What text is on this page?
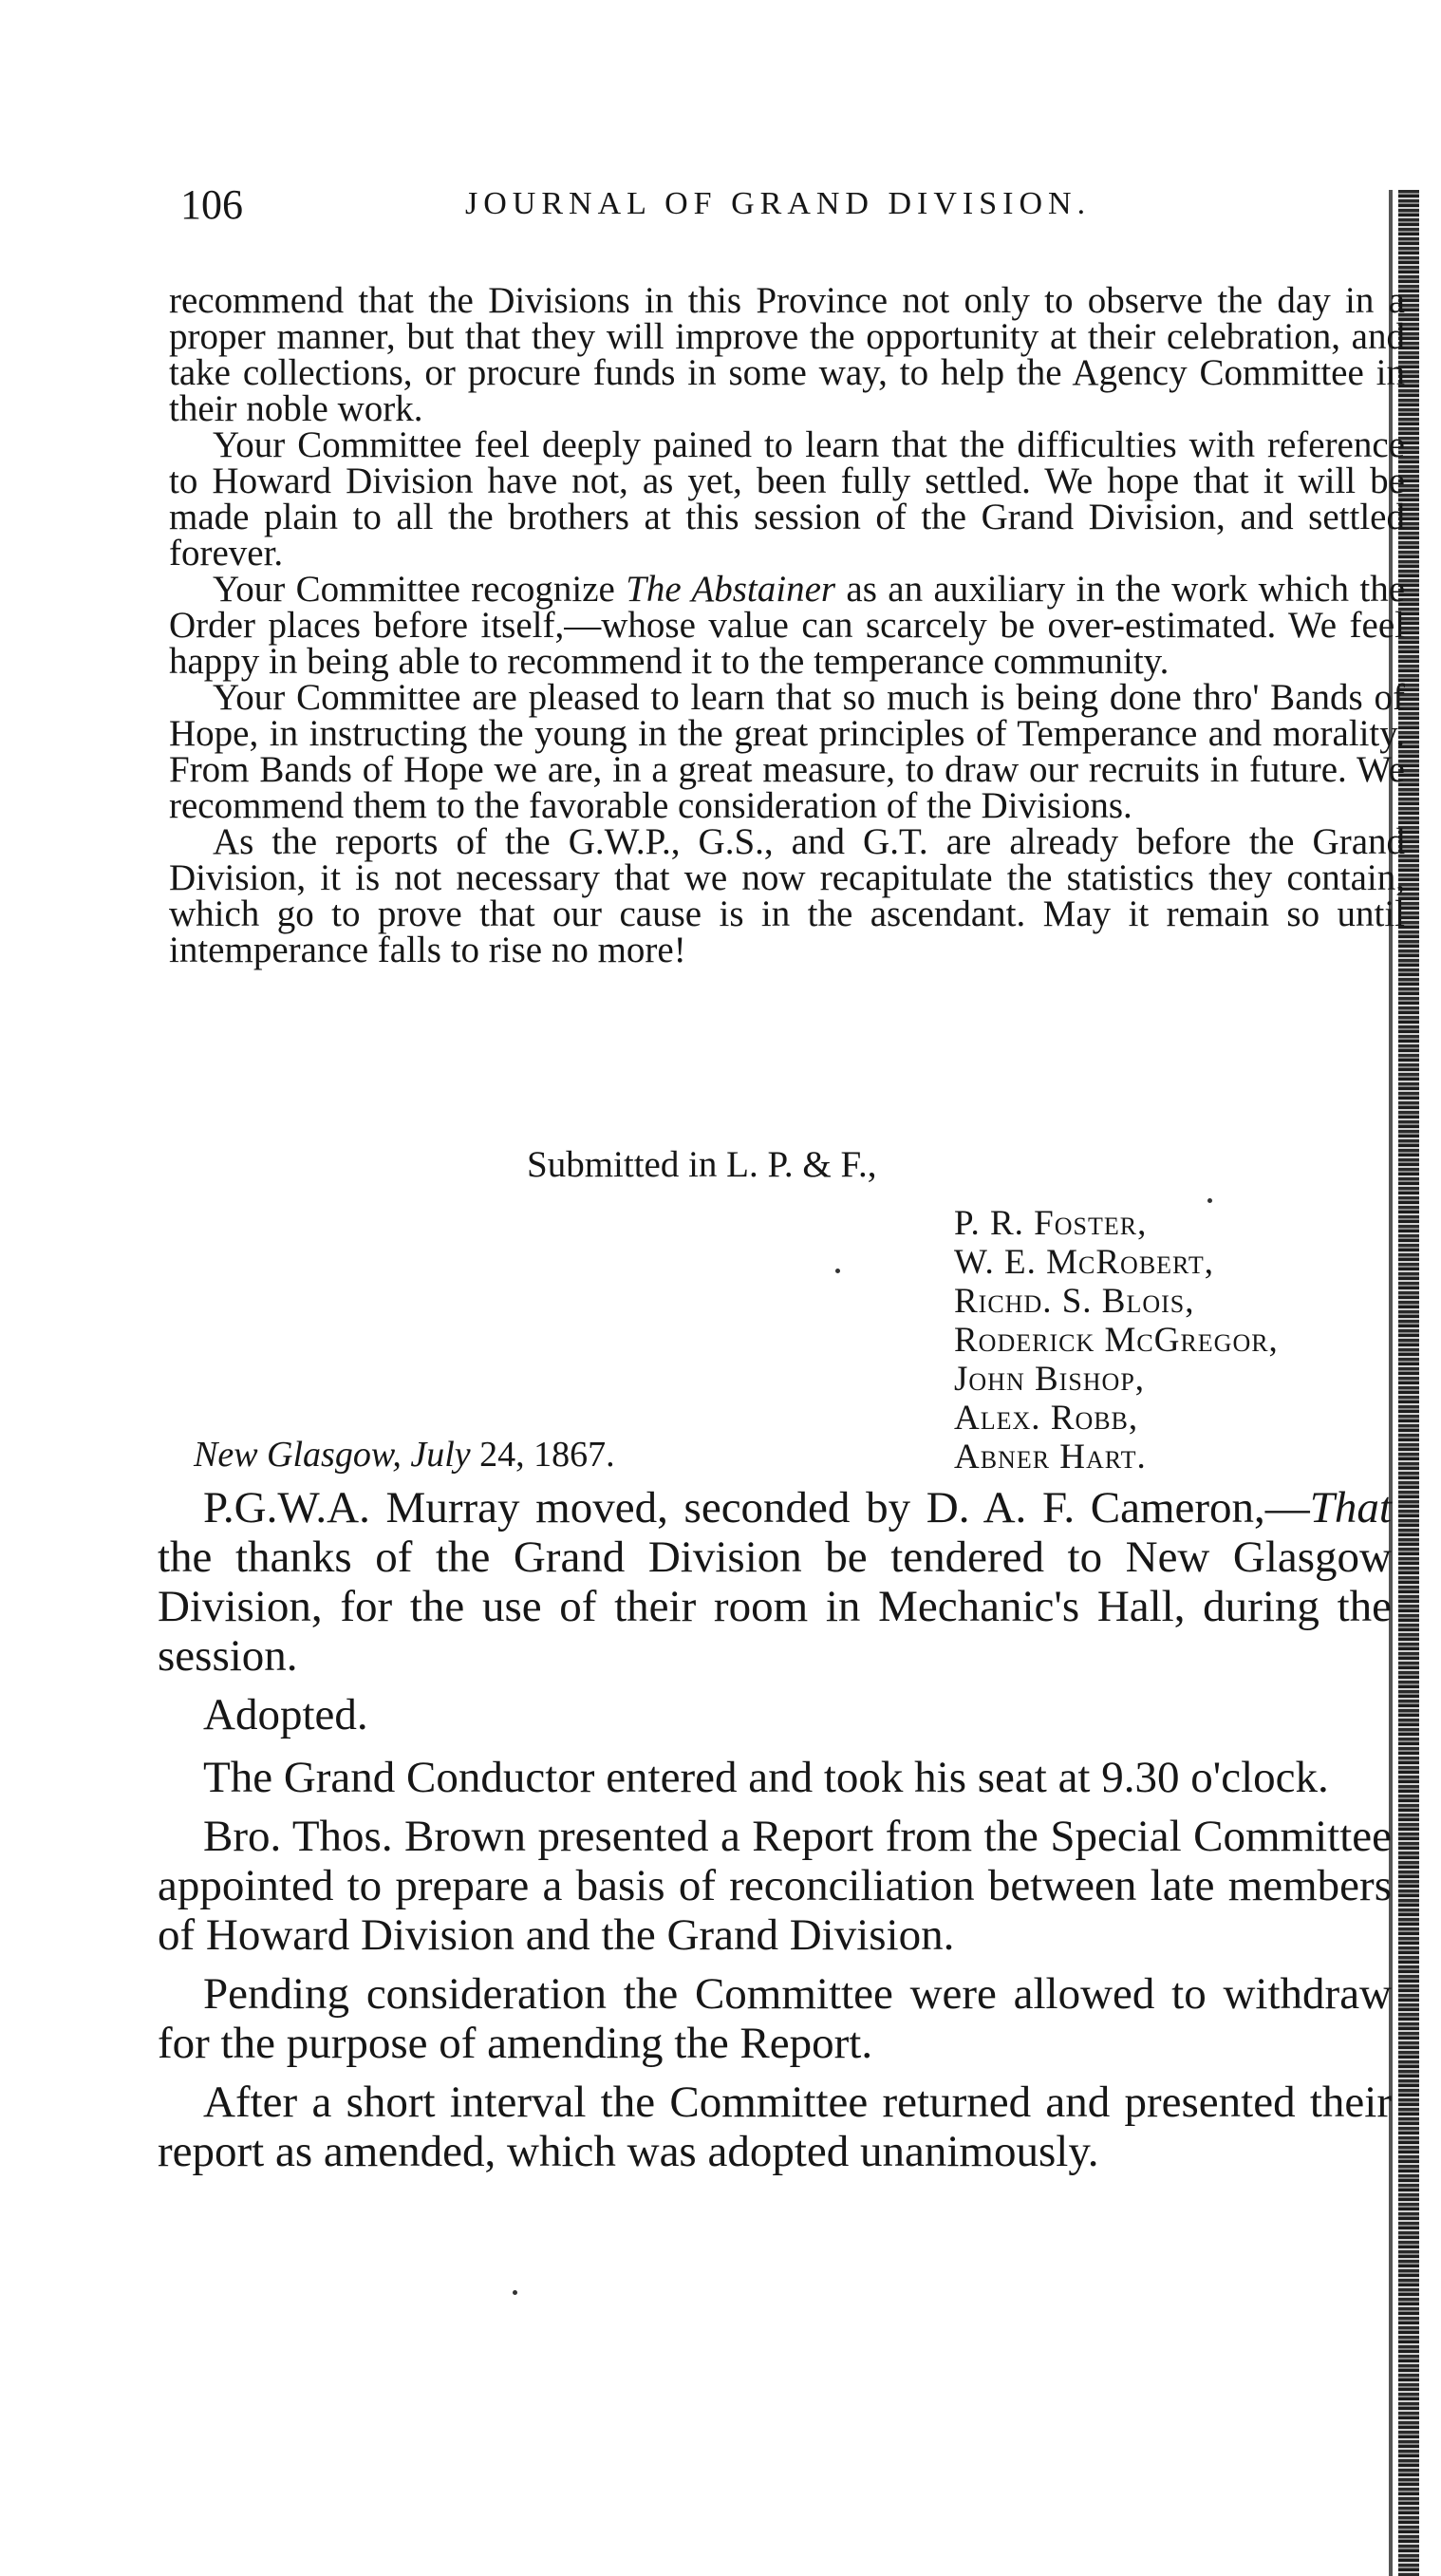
106	JOURNAL OF GRAND DIVISION.

recommend that the Divisions in this Province not only to observe the day in a proper manner, but that they will improve the opportunity at their celebration, and take collections, or procure funds in some way, to help the Agency Committee in their noble work.

Your Committee feel deeply pained to learn that the difficulties with reference to Howard Division have not, as yet, been fully settled. We hope that it will be made plain to all the brothers at this session of the Grand Division, and settled forever.

Your Committee recognize The Abstainer as an auxiliary in the work which the Order places before itself,—whose value can scarcely be over-estimated. We feel happy in being able to recommend it to the temperance community.

Your Committee are pleased to learn that so much is being done thro' Bands of Hope, in instructing the young in the great principles of Temperance and morality. From Bands of Hope we are, in a great measure, to draw our recruits in future. We recommend them to the favorable consideration of the Divisions.

As the reports of the G.W.P., G.S., and G.T. are already before the Grand Division, it is not necessary that we now recapitulate the statistics they contain, which go to prove that our cause is in the ascendant. May it remain so until intemperance falls to rise no more!

Submitted in L. P. & F.,
P. R. Foster,
W. E. McRobert,
Richd. S. Blois,
Roderick McGregor,
John Bishop,
Alex. Robb,
Abner Hart.
New Glasgow, July 24, 1867.

P.G.W.A. Murray moved, seconded by D. A. F. Cameron,—That the thanks of the Grand Division be tendered to New Glasgow Division, for the use of their room in Mechanic's Hall, during the session.

Adopted.

The Grand Conductor entered and took his seat at 9.30 o'clock.

Bro. Thos. Brown presented a Report from the Special Committee appointed to prepare a basis of reconciliation between late members of Howard Division and the Grand Division.

Pending consideration the Committee were allowed to withdraw for the purpose of amending the Report.

After a short interval the Committee returned and presented their report as amended, which was adopted unanimously.
